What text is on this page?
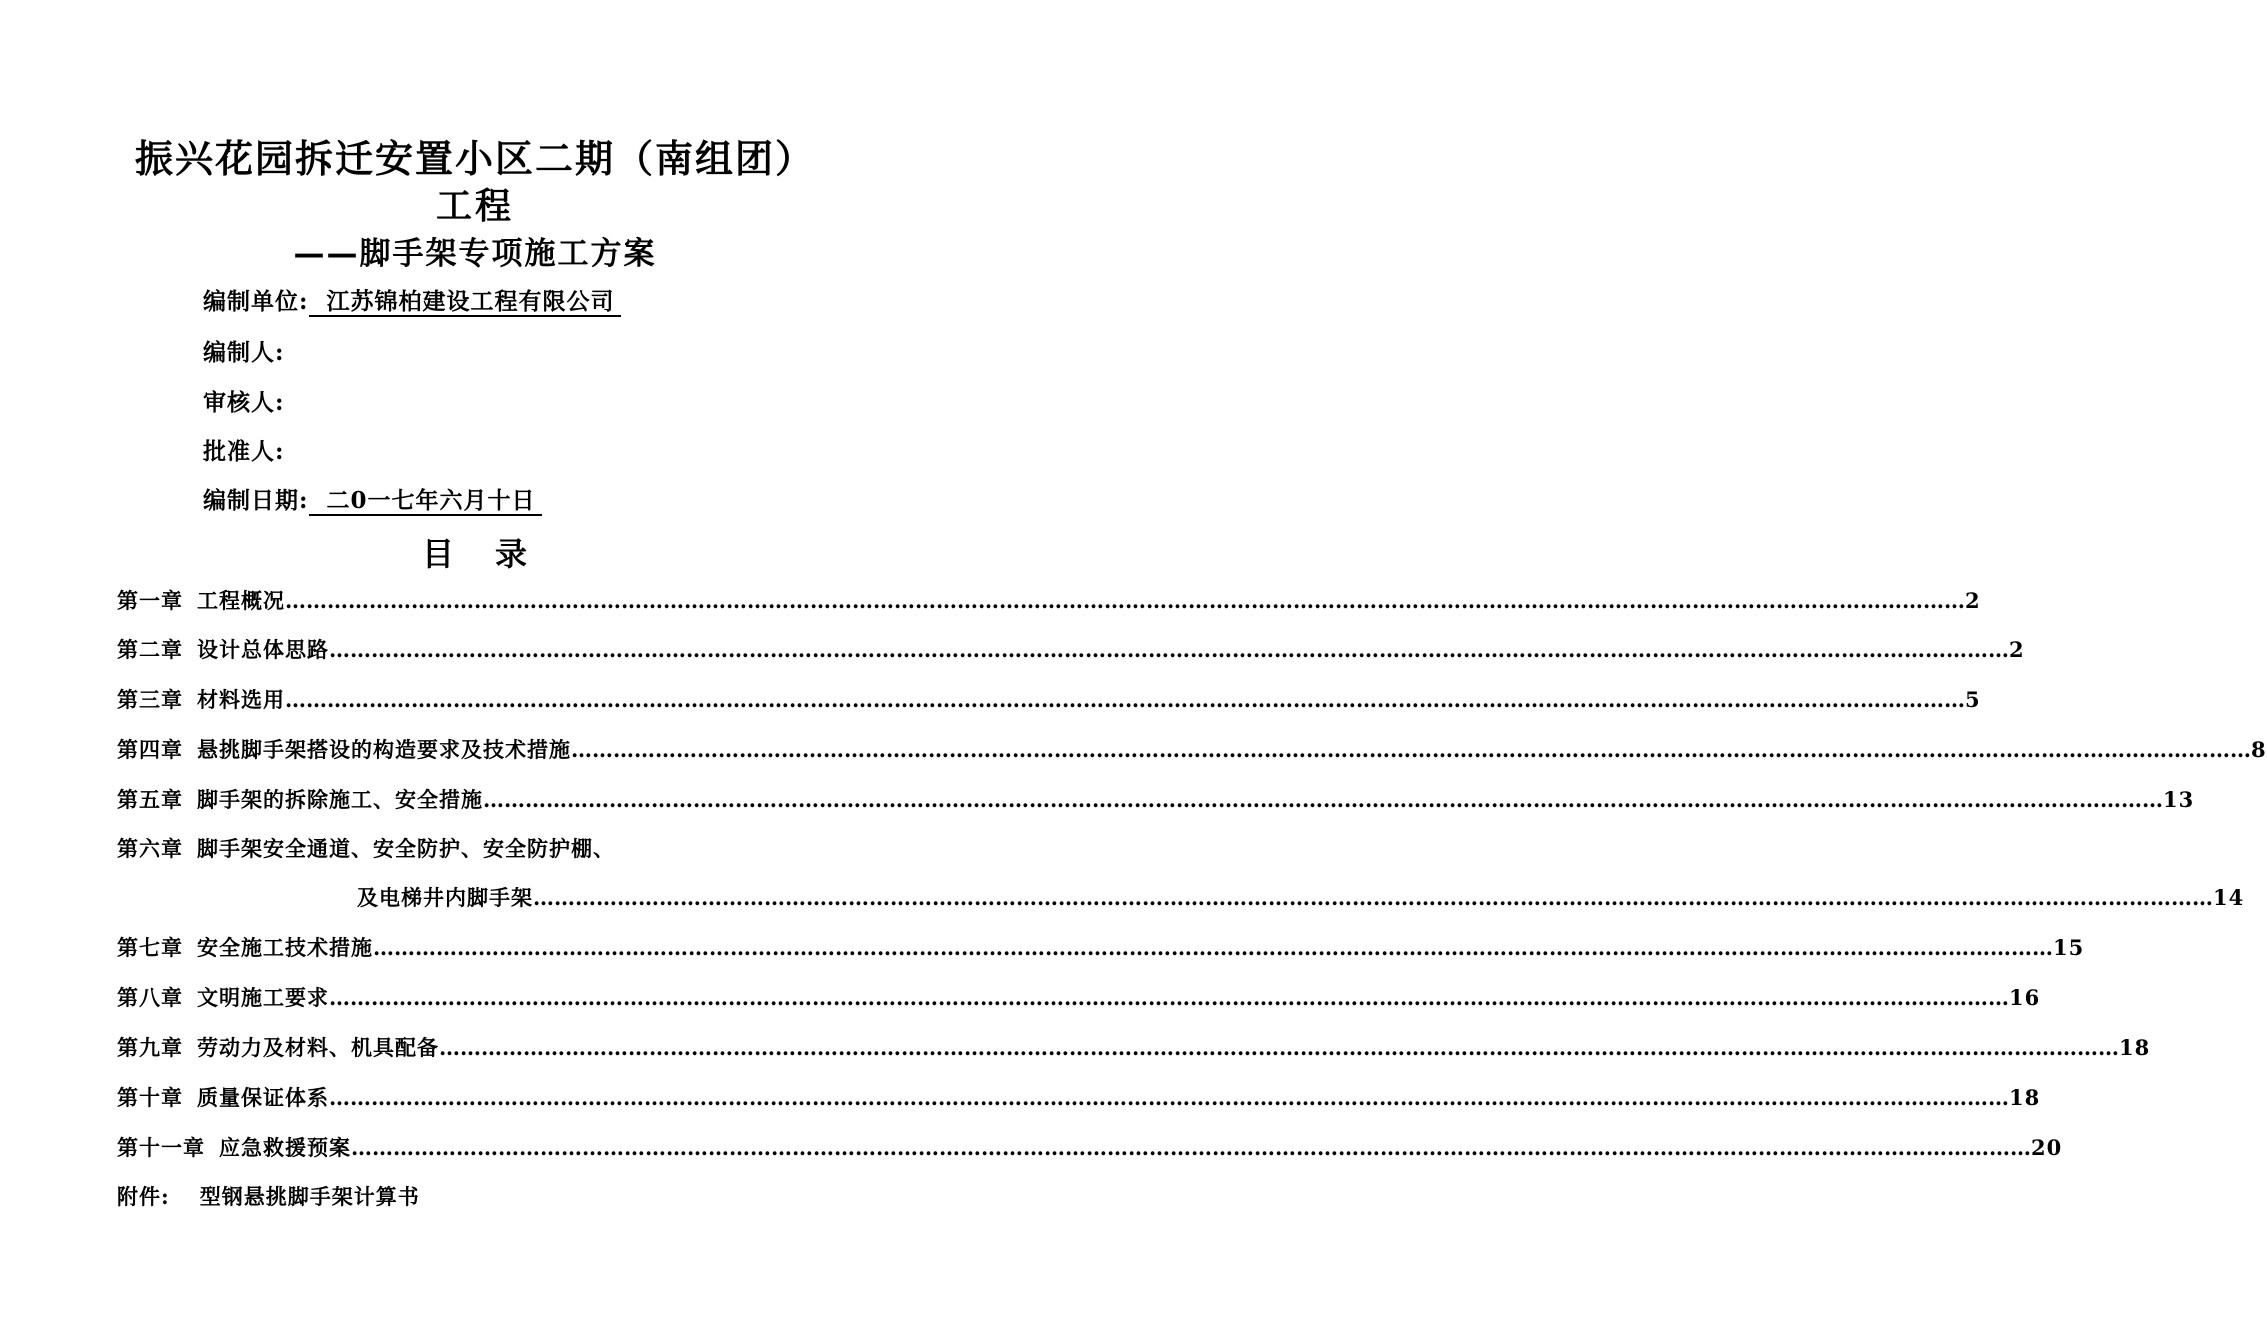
振兴花园拆迁安置小区二期（南组团）
工程
——脚手架专项施工方案
编制单位: 江苏锦柏建设工程有限公司
编制人:
审核人:
批准人:
编制日期: 二0一七年六月十日
目 录
第一章 工程概况 …………………………………………………………………………………………………………………………………………………………………………………………………………………… 2
第二章 设计总体思路 …………………………………………………………………………………………………………………………………………………………………………………………………………………… 2
第三章 材料选用 …………………………………………………………………………………………………………………………………………………………………………………………………………………… 5
第四章 悬挑脚手架搭设的构造要求及技术措施 …………………………………………………………………………………………………………………………………………………………………………………………………………………… 8
第五章 脚手架的拆除施工、安全措施 …………………………………………………………………………………………………………………………………………………………………………………………………………………… 13
第六章 脚手架安全通道、安全防护、安全防护棚、
及电梯井内脚手架 …………………………………………………………………………………………………………………………………………………………………………………………………………………… 14
第七章 安全施工技术措施 …………………………………………………………………………………………………………………………………………………………………………………………………………………… 15
第八章 文明施工要求 …………………………………………………………………………………………………………………………………………………………………………………………………………………… 16
第九章 劳动力及材料、机具配备 …………………………………………………………………………………………………………………………………………………………………………………………………………………… 18
第十章 质量保证体系 …………………………………………………………………………………………………………………………………………………………………………………………………………………… 18
第十一章 应急救援预案 …………………………………………………………………………………………………………………………………………………………………………………………………………………… 20
附件: 型钢悬挑脚手架计算书
